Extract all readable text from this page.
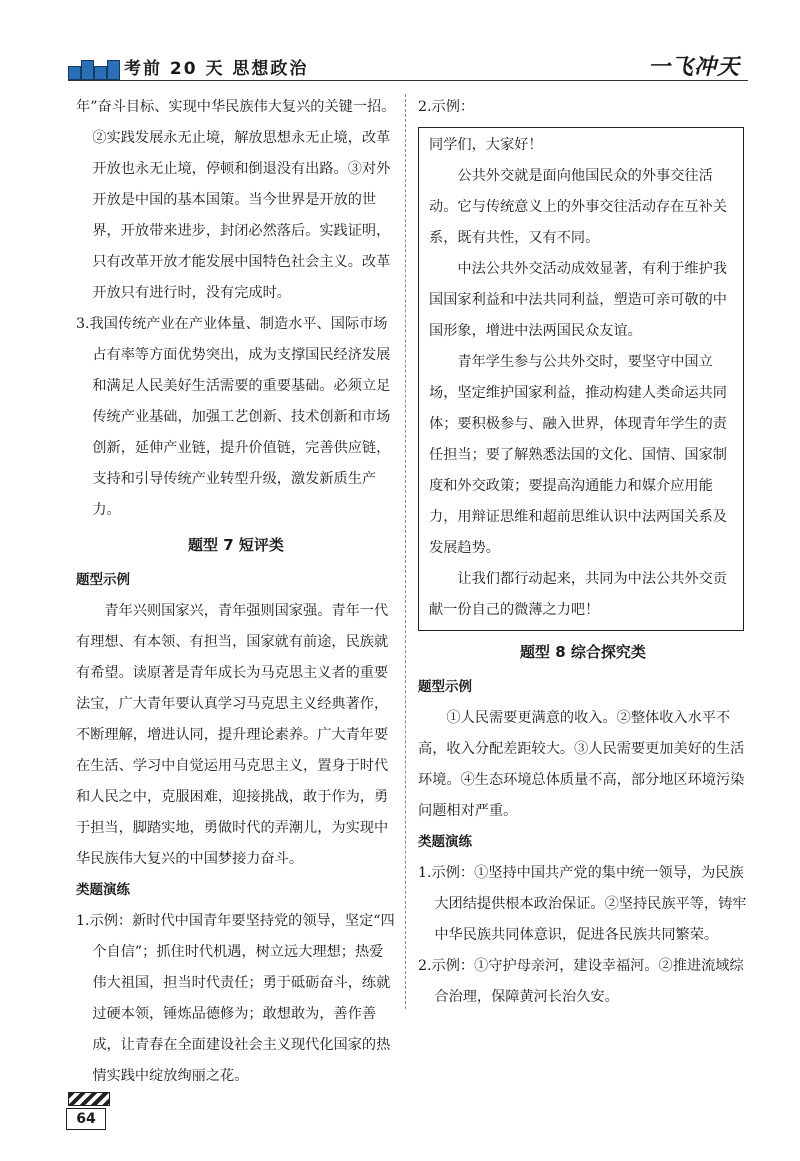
考前 20 天 思想政治	一飞冲天

年”奋斗目标、实现中华民族伟大复兴的关键一招。

②实践发展永无止境，解放思想永无止境，改革开放也永无止境，停顿和倒退没有出路。③对外开放是中国的基本国策。当今世界是开放的世界，开放带来进步，封闭必然落后。实践证明，只有改革开放才能发展中国特色社会主义。改革开放只有进行时，没有完成时。

3.我国传统产业在产业体量、制造水平、国际市场占有率等方面优势突出，成为支撑国民经济发展和满足人民美好生活需要的重要基础。必须立足传统产业基础，加强工艺创新、技术创新和市场创新，延伸产业链，提升价值链，完善供应链，支持和引导传统产业转型升级，激发新质生产力。

题型 7 短评类

题型示例

青年兴则国家兴，青年强则国家强。青年一代有理想、有本领、有担当，国家就有前途，民族就有希望。读原著是青年成长为马克思主义者的重要法宝，广大青年要认真学习马克思主义经典著作，不断理解，增进认同，提升理论素养。广大青年要在生活、学习中自觉运用马克思主义，置身于时代和人民之中，克服困难，迎接挑战，敢于作为，勇于担当，脚踏实地，勇做时代的弄潮儿，为实现中华民族伟大复兴的中国梦接力奋斗。

类题演练

1.示例：新时代中国青年要坚持党的领导，坚定“四个自信”；抓住时代机遇，树立远大理想；热爱伟大祖国，担当时代责任；勇于砥砺奋斗，练就过硬本领，锤炼品德修为；敢想敢为，善作善成，让青春在全面建设社会主义现代化国家的热情实践中绽放绚丽之花。

2.示例：

同学们，大家好！

公共外交就是面向他国民众的外事交往活动。它与传统意义上的外事交往活动存在互补关系，既有共性，又有不同。

中法公共外交活动成效显著，有利于维护我国国家利益和中法共同利益，塑造可亲可敬的中国形象，增进中法两国民众友谊。

青年学生参与公共外交时，要坚守中国立场，坚定维护国家利益，推动构建人类命运共同体；要积极参与、融入世界，体现青年学生的责任担当；要了解熟悉法国的文化、国情、国家制度和外交政策；要提高沟通能力和媒介应用能力，用辩证思维和超前思维认识中法两国关系及发展趋势。

让我们都行动起来，共同为中法公共外交贡献一份自己的微薄之力吧！

题型 8 综合探究类

题型示例

①人民需要更满意的收入。②整体收入水平不高，收入分配差距较大。③人民需要更加美好的生活环境。④生态环境总体质量不高，部分地区环境污染问题相对严重。

类题演练

1.示例：①坚持中国共产党的集中统一领导，为民族大团结提供根本政治保证。②坚持民族平等，铸牢中华民族共同体意识，促进各民族共同繁荣。

2.示例：①守护母亲河，建设幸福河。②推进流域综合治理，保障黄河长治久安。

64
